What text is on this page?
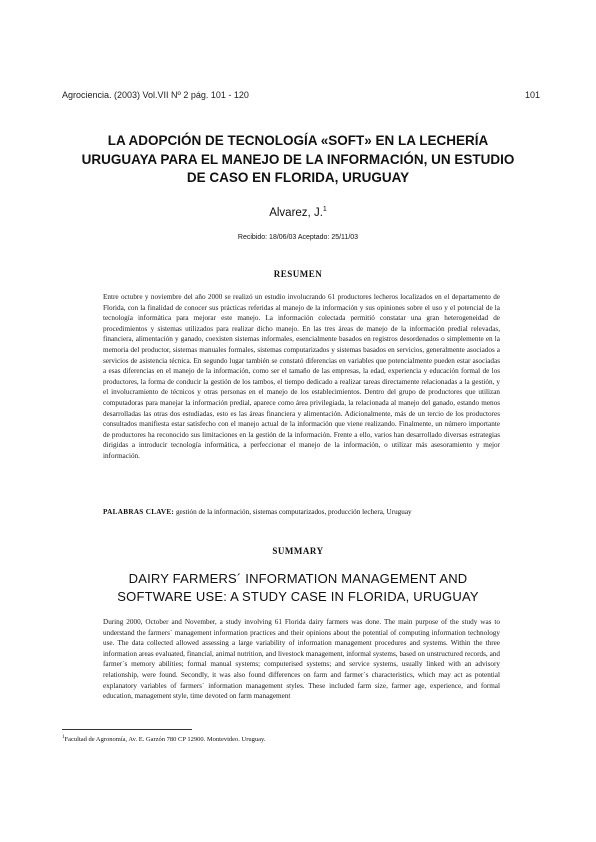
Agrociencia. (2003) Vol.VII Nº 2 pág. 101 - 120	101
LA ADOPCIÓN DE TECNOLOGÍA «SOFT» EN LA LECHERÍA
URUGUAYA PARA EL MANEJO DE LA INFORMACIÓN, UN ESTUDIO
DE CASO EN FLORIDA, URUGUAY
Alvarez, J.$^1$
Recibido: 18/06/03 Aceptado: 25/11/03
RESUMEN
Entre octubre y noviembre del año 2000 se realizó un estudio involucrando 61 productores lecheros localizados en el departamento de Florida, con la finalidad de conocer sus prácticas referidas al manejo de la información y sus opiniones sobre el uso y el potencial de la tecnología informática para mejorar este manejo. La información colectada permitió constatar una gran heterogeneidad de procedimientos y sistemas utilizados para realizar dicho manejo. En las tres áreas de manejo de la información predial relevadas, financiera, alimentación y ganado, coexisten sistemas informales, esencialmente basados en registros desordenados o simplemente en la memoria del productor, sistemas manuales formales, sistemas computarizados y sistemas basados en servicios, generalmente asociados a servicios de asistencia técnica. En segundo lugar también se constató diferencias en variables que potencialmente pueden estar asociadas a esas diferencias en el manejo de la información, como ser el tamaño de las empresas, la edad, experiencia y educación formal de los productores, la forma de conducir la gestión de los tambos, el tiempo dedicado a realizar tareas directamente relacionadas a la gestión, y el involucramiento de técnicos y otras personas en el manejo de los establecimientos. Dentro del grupo de productores que utilizan computadoras para manejar la información predial, aparece como área privilegiada, la relacionada al manejo del ganado, estando menos desarrolladas las otras dos estudiadas, esto es las áreas financiera y alimentación. Adicionalmente, más de un tercio de los productores consultados manifiesta estar satisfecho con el manejo actual de la información que viene realizando. Finalmente, un número importante de productores ha reconocido sus limitaciones en la gestión de la información. Frente a ello, varios han desarrollado diversas estrategias dirigidas a introducir tecnología informática, a perfeccionar el manejo de la información, o utilizar más asesoramiento y mejor información.
PALABRAS CLAVE: gestión de la información, sistemas computarizados, producción lechera, Uruguay
SUMMARY
DAIRY FARMERS´ INFORMATION MANAGEMENT AND
SOFTWARE USE: A STUDY CASE IN FLORIDA, URUGUAY
During 2000, October and November, a study involving 61 Florida dairy farmers was done. The main purpose of the study was to understand the farmers´ management information practices and their opinions about the potential of computing information technology use. The data collected allowed assessing a large variability of information management procedures and systems. Within the three information areas evaluated, financial, animal nutrition, and livestock management, informal systems, based on unstructured records, and farmer´s memory abilities; formal manual systems; computerised systems; and service systems, usually linked with an advisory relationship, were found. Secondly, it was also found differences on farm and farmer´s characteristics, which may act as potential explanatory variables of farmers´ information management styles. These included farm size, farmer age, experience, and formal education, management style, time devoted on farm management
$^1$Facultad de Agronomía, Av. E. Garzón 780 CP 12900. Montevideo. Uruguay.
